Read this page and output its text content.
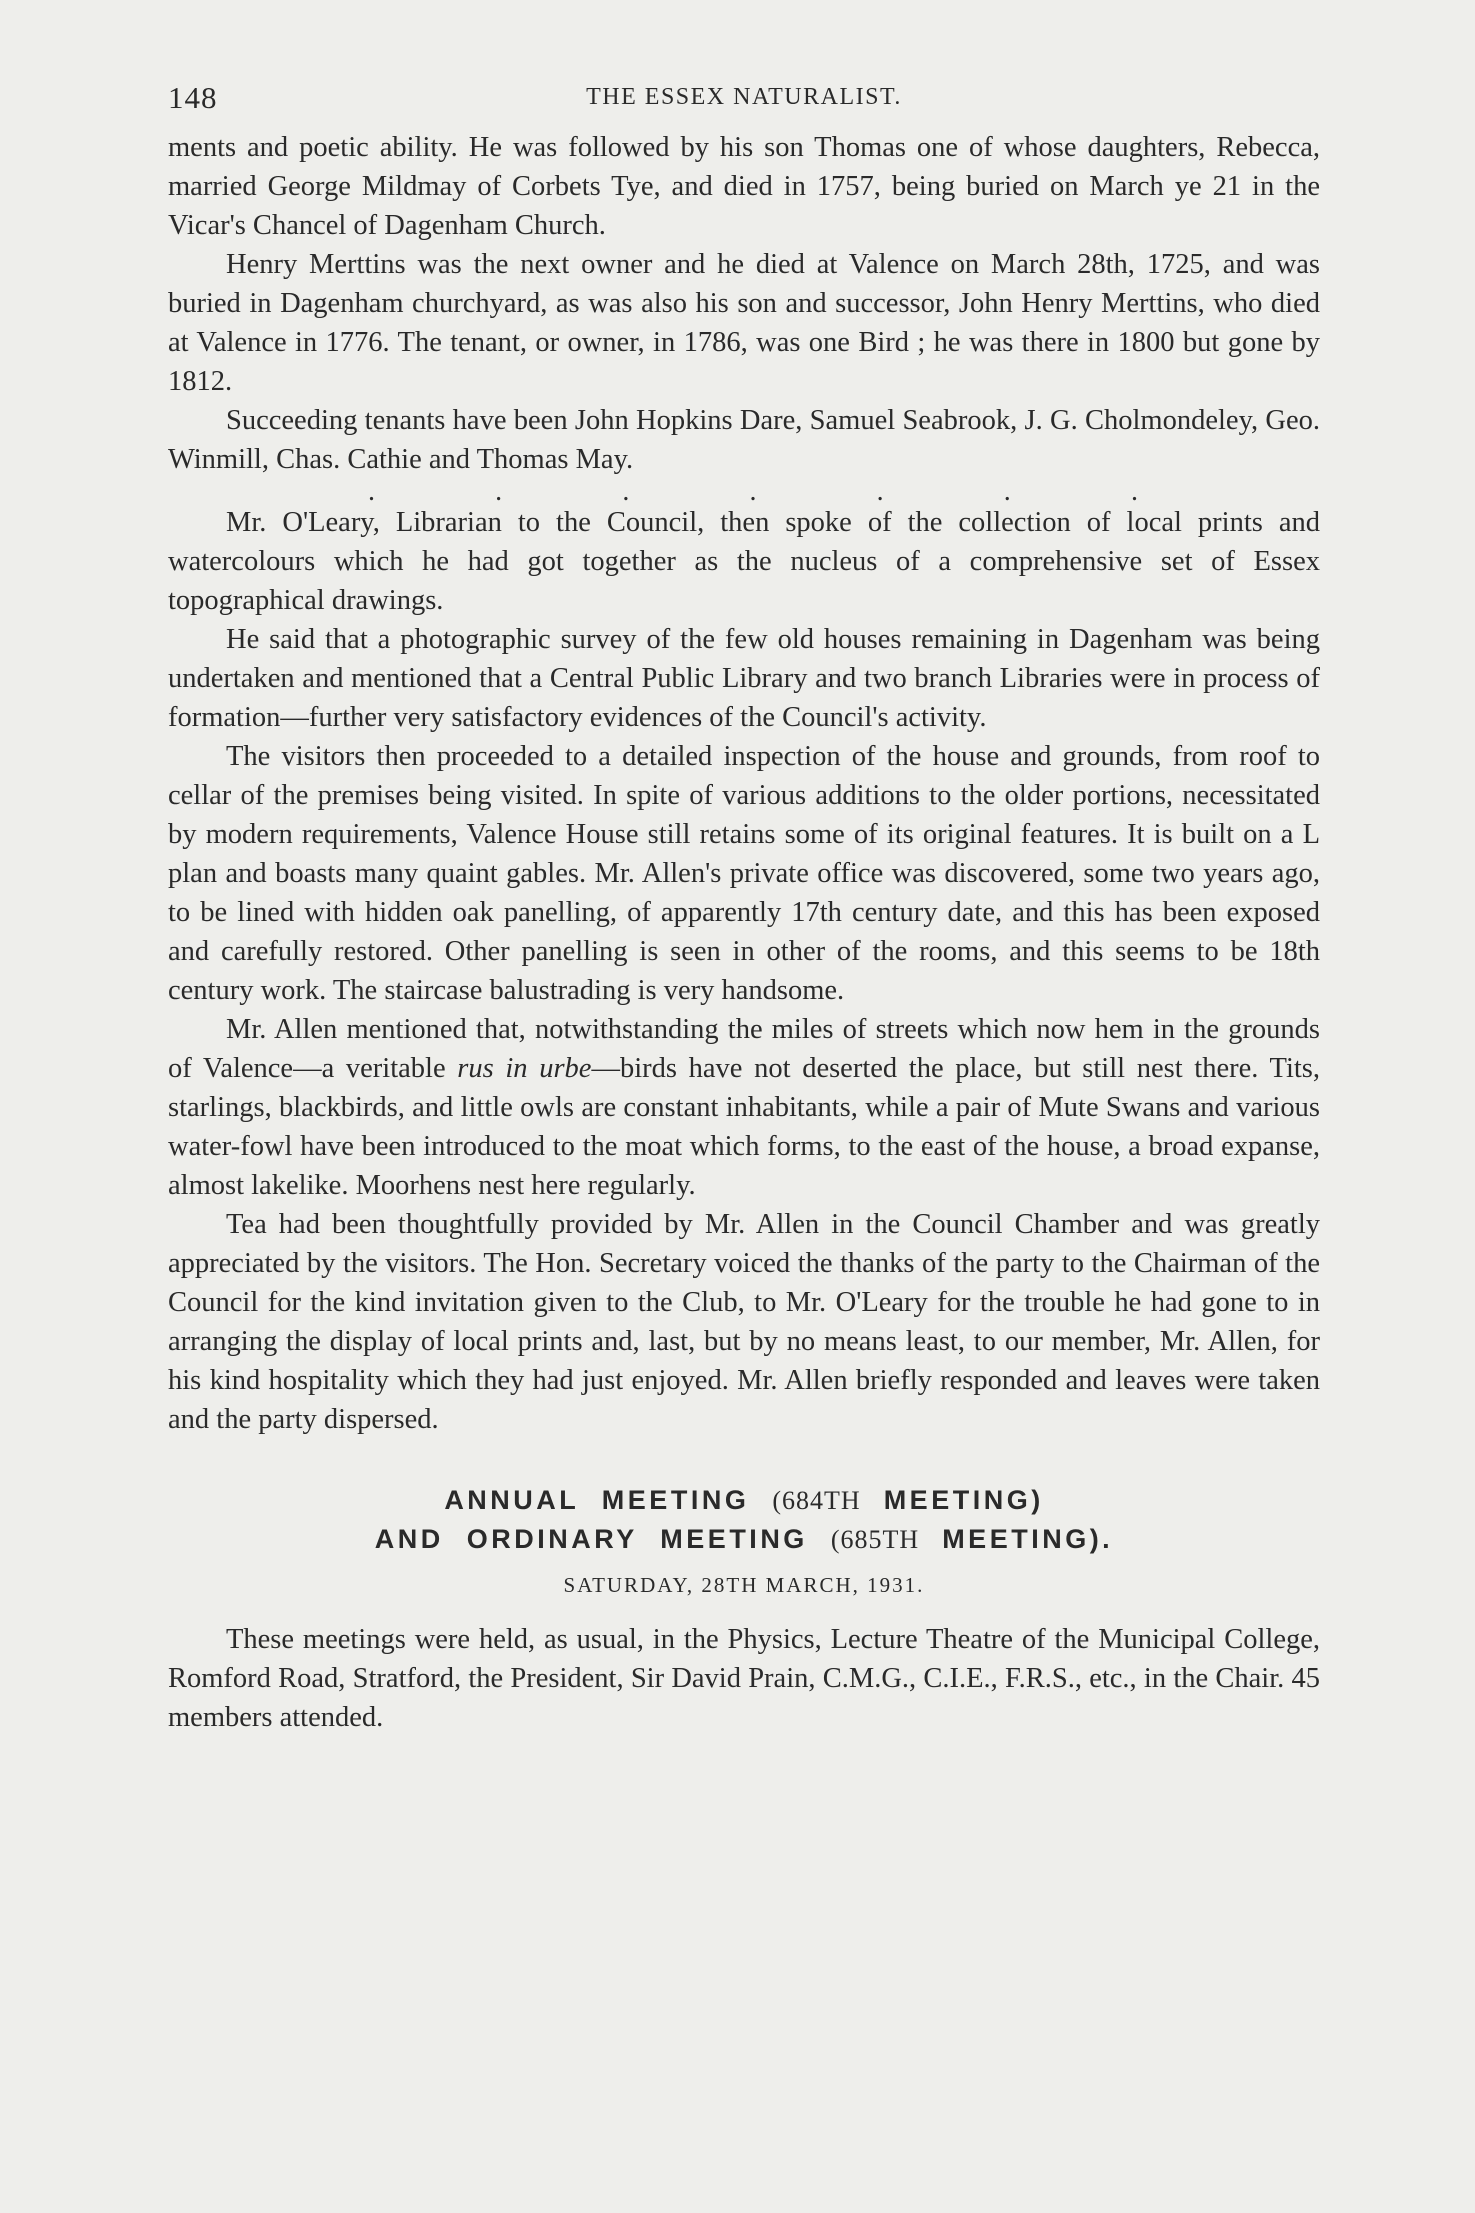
148	THE ESSEX NATURALIST.

ments and poetic ability. He was followed by his son Thomas one of whose daughters, Rebecca, married George Mildmay of Corbets Tye, and died in 1757, being buried on March ye 21 in the Vicar's Chancel of Dagenham Church.

Henry Merttins was the next owner and he died at Valence on March 28th, 1725, and was buried in Dagenham churchyard, as was also his son and successor, John Henry Merttins, who died at Valence in 1776. The tenant, or owner, in 1786, was one Bird ; he was there in 1800 but gone by 1812.

Succeeding tenants have been John Hopkins Dare, Samuel Seabrook, J. G. Cholmondeley, Geo. Winmill, Chas. Cathie and Thomas May.

.	.	.	.	.	.	.

Mr. O'Leary, Librarian to the Council, then spoke of the collection of local prints and watercolours which he had got together as the nucleus of a comprehensive set of Essex topographical drawings.

He said that a photographic survey of the few old houses remaining in Dagenham was being undertaken and mentioned that a Central Public Library and two branch Libraries were in process of formation—further very satisfactory evidences of the Council's activity.

The visitors then proceeded to a detailed inspection of the house and grounds, from roof to cellar of the premises being visited. In spite of various additions to the older portions, necessitated by modern requirements, Valence House still retains some of its original features. It is built on a L plan and boasts many quaint gables. Mr. Allen's private office was discovered, some two years ago, to be lined with hidden oak panelling, of apparently 17th century date, and this has been exposed and carefully restored. Other panelling is seen in other of the rooms, and this seems to be 18th century work. The staircase balustrading is very handsome.

Mr. Allen mentioned that, notwithstanding the miles of streets which now hem in the grounds of Valence—a veritable rus in urbe—birds have not deserted the place, but still nest there. Tits, starlings, blackbirds, and little owls are constant inhabitants, while a pair of Mute Swans and various water-fowl have been introduced to the moat which forms, to the east of the house, a broad expanse, almost lakelike. Moorhens nest here regularly.

Tea had been thoughtfully provided by Mr. Allen in the Council Chamber and was greatly appreciated by the visitors. The Hon. Secretary voiced the thanks of the party to the Chairman of the Council for the kind invitation given to the Club, to Mr. O'Leary for the trouble he had gone to in arranging the display of local prints and, last, but by no means least, to our member, Mr. Allen, for his kind hospitality which they had just enjoyed. Mr. Allen briefly responded and leaves were taken and the party dispersed.

ANNUAL MEETING (684TH MEETING)
AND ORDINARY MEETING (685TH MEETING).
SATURDAY, 28TH MARCH, 1931.

These meetings were held, as usual, in the Physics, Lecture Theatre of the Municipal College, Romford Road, Stratford, the President, Sir David Prain, C.M.G., C.I.E., F.R.S., etc., in the Chair. 45 members attended.
